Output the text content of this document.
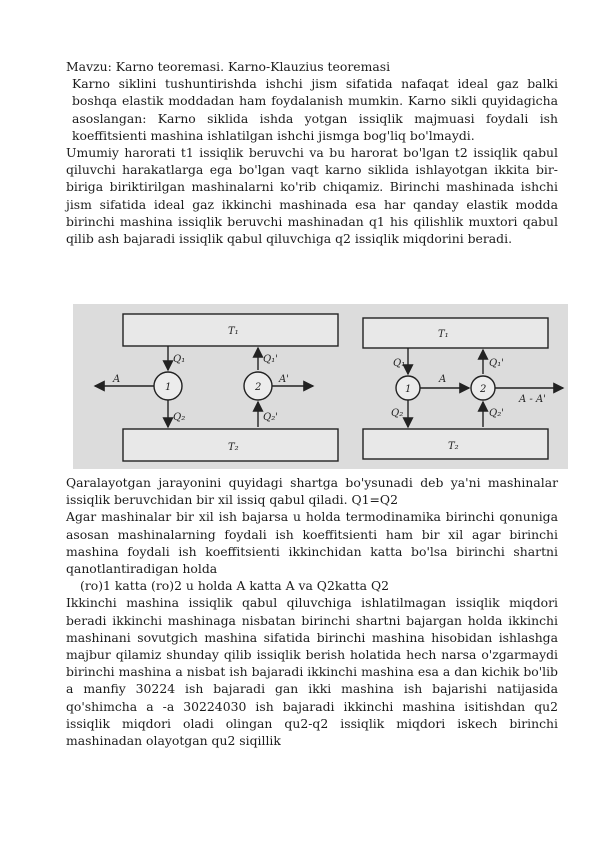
Mavzu: Karno teoremasi. Karno-Klauzius teoremasi

Karno siklini tushuntirishda ishchi jism sifatida nafaqat ideal gaz balki boshqa elastik moddadan ham foydalanish mumkin. Karno sikli quyidagicha asoslangan: Karno siklida ishda yotgan issiqlik majmuasi foydali ish koeffitsienti mashina ishlatilgan ishchi jismga bog'liq bo'lmaydi.

Umumiy harorati t1 issiqlik beruvchi va bu harorat bo'lgan t2 issiqlik qabul qiluvchi harakatlarga ega bo'lgan vaqt karno siklida ishlayotgan ikkita bir-biriga biriktirilgan mashinalarni ko'rib chiqamiz. Birinchi mashinada ishchi jism sifatida ideal gaz ikkinchi mashinada esa har qanday elastik modda birinchi mashina issiqlik beruvchi mashinadan q1 his qilishlik muxtori qabul qilib ash bajaradi issiqlik qabul qiluvchiga q2 issiqlik miqdorini beradi.

T₁
T₂
1	2
Q₁	Q₁'
Q₂	Q₂'
A	A'
T₁
T₂
1	2
Q₁	Q₁'
Q₂	Q₂'
A
A - A'

Qaralayotgan jarayonini quyidagi shartga bo'ysunadi deb ya'ni mashinalar issiqlik beruvchidan bir xil issiq qabul qiladi. Q1=Q2

Agar mashinalar bir xil ish bajarsa u holda termodinamika birinchi qonuniga asosan mashinalarning foydali ish koeffitsienti ham bir xil agar birinchi mashina foydali ish koeffitsienti ikkinchidan katta bo'lsa birinchi shartni qanotlantiradigan holda

(ro)1 katta (ro)2 u holda A katta A va Q2katta Q2

Ikkinchi mashina issiqlik qabul qiluvchiga ishlatilmagan issiqlik miqdori beradi ikkinchi mashinaga nisbatan birinchi shartni bajargan holda ikkinchi mashinani sovutgich mashina sifatida birinchi mashina hisobidan ishlashga majbur qilamiz shunday qilib issiqlik berish holatida hech narsa o'zgarmaydi birinchi mashina a nisbat ish bajaradi ikkinchi mashina esa a dan kichik bo'lib a manfiy 30224 ish bajaradi gan ikki mashina ish bajarishi natijasida qo'shimcha a -a 30224030 ish bajaradi ikkinchi mashina isitishdan qu2 issiqlik miqdori oladi olingan qu2-q2 issiqlik miqdori iskech birinchi mashinadan olayotgan qu2 siqillik
